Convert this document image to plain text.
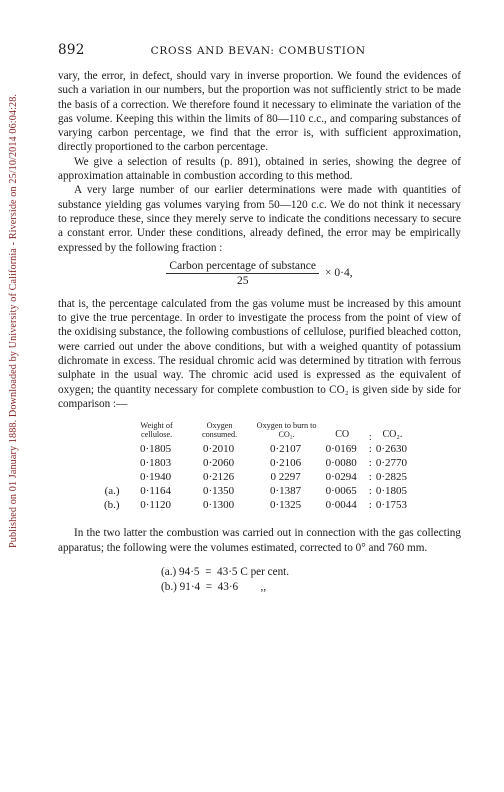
Published on 01 January 1888. Downloaded by University of California - Riverside on 25/10/2014 06:04:28.
892	CROSS AND BEVAN: COMBUSTION

vary, the error, in defect, should vary in inverse proportion. We found the evidences of such a variation in our numbers, but the proportion was not sufficiently strict to be made the basis of a correction. We therefore found it necessary to eliminate the variation of the gas volume. Keeping this within the limits of 80—110 c.c., and comparing substances of varying carbon percentage, we find that the error is, with sufficient approximation, directly proportioned to the carbon percentage.

We give a selection of results (p. 891), obtained in series, showing the degree of approximation attainable in combustion according to this method.

A very large number of our earlier determinations were made with quantities of substance yielding gas volumes varying from 50—120 c.c. We do not think it necessary to reproduce these, since they merely serve to indicate the conditions necessary to secure a constant error. Under these conditions, already defined, the error may be empirically expressed by the following fraction :

$\frac{\text{Carbon percentage of substance}}{25} \times 0\cdot 4$,

that is, the percentage calculated from the gas volume must be increased by this amount to give the true percentage. In order to investigate the process from the point of view of the oxidising substance, the following combustions of cellulose, purified bleached cotton, were carried out under the above conditions, but with a weighed quantity of potassium dichromate in excess. The residual chromic acid was determined by titration with ferrous sulphate in the usual way. The chromic acid used is expressed as the equivalent of oxygen; the quantity necessary for complete combustion to CO₂ is given side by side for comparison :—

	Weight of cellulose.	Oxygen consumed.	Oxygen to burn to CO₂.	CO	:	CO₂.
	0·1805	0·2010	0·2107	0·0169	:	0·2630
	0·1803	0·2060	0·2106	0·0080	:	0·2770
	0·1940	0·2126	0 2297	0·0294	:	0·2825
(a.)	0·1164	0·1350	0·1387	0·0065	:	0·1805
(b.)	0·1120	0·1300	0·1325	0·0044	:	0·1753

In the two latter the combustion was carried out in connection with the gas collecting apparatus; the following were the volumes estimated, corrected to 0° and 760 mm.

(a.) 94·5  =  43·5 C per cent.
(b.) 91·4  =  43·6        ,,
